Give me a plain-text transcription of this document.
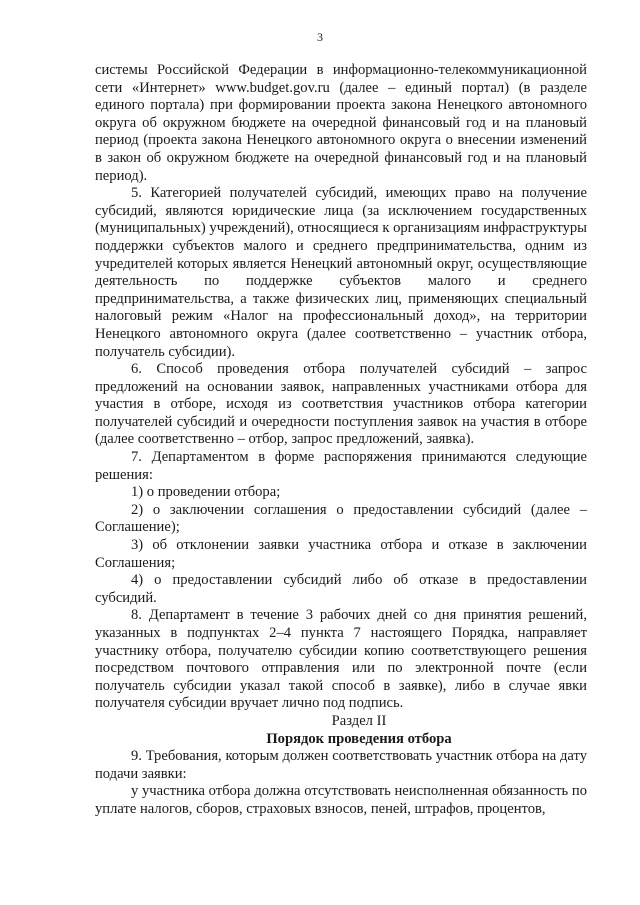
3

системы Российской Федерации в информационно-телекоммуникационной сети «Интернет» www.budget.gov.ru (далее – единый портал) (в разделе единого портала) при формировании проекта закона Ненецкого автономного округа об окружном бюджете на очередной финансовый год и на плановый период (проекта закона Ненецкого автономного округа о внесении изменений в закон об окружном бюджете на очередной финансовый год и на плановый период).

5. Категорией получателей субсидий, имеющих право на получение субсидий, являются юридические лица (за исключением государственных (муниципальных) учреждений), относящиеся к организациям инфраструктуры поддержки субъектов малого и среднего предпринимательства, одним из учредителей которых является Ненецкий автономный округ, осуществляющие деятельность по поддержке субъектов малого и среднего предпринимательства, а также физических лиц, применяющих специальный налоговый режим «Налог на профессиональный доход», на территории Ненецкого автономного округа (далее соответственно – участник отбора, получатель субсидии).

6. Способ проведения отбора получателей субсидий – запрос предложений на основании заявок, направленных участниками отбора для участия в отборе, исходя из соответствия участников отбора категории получателей субсидий и очередности поступления заявок на участия в отборе (далее соответственно – отбор, запрос предложений, заявка).

7. Департаментом в форме распоряжения принимаются следующие решения:

1) о проведении отбора;

2) о заключении соглашения о предоставлении субсидий (далее – Соглашение);

3) об отклонении заявки участника отбора и отказе в заключении Соглашения;

4) о предоставлении субсидий либо об отказе в предоставлении субсидий.

8. Департамент в течение 3 рабочих дней со дня принятия решений, указанных в подпунктах 2–4 пункта 7 настоящего Порядка, направляет участнику отбора, получателю субсидии копию соответствующего решения посредством почтового отправления или по электронной почте (если получатель субсидии указал такой способ в заявке), либо в случае явки получателя субсидии вручает лично под подпись.

Раздел II

Порядок проведения отбора

9. Требования, которым должен соответствовать участник отбора на дату подачи заявки:

у участника отбора должна отсутствовать неисполненная обязанность по уплате налогов, сборов, страховых взносов, пеней, штрафов, процентов,
